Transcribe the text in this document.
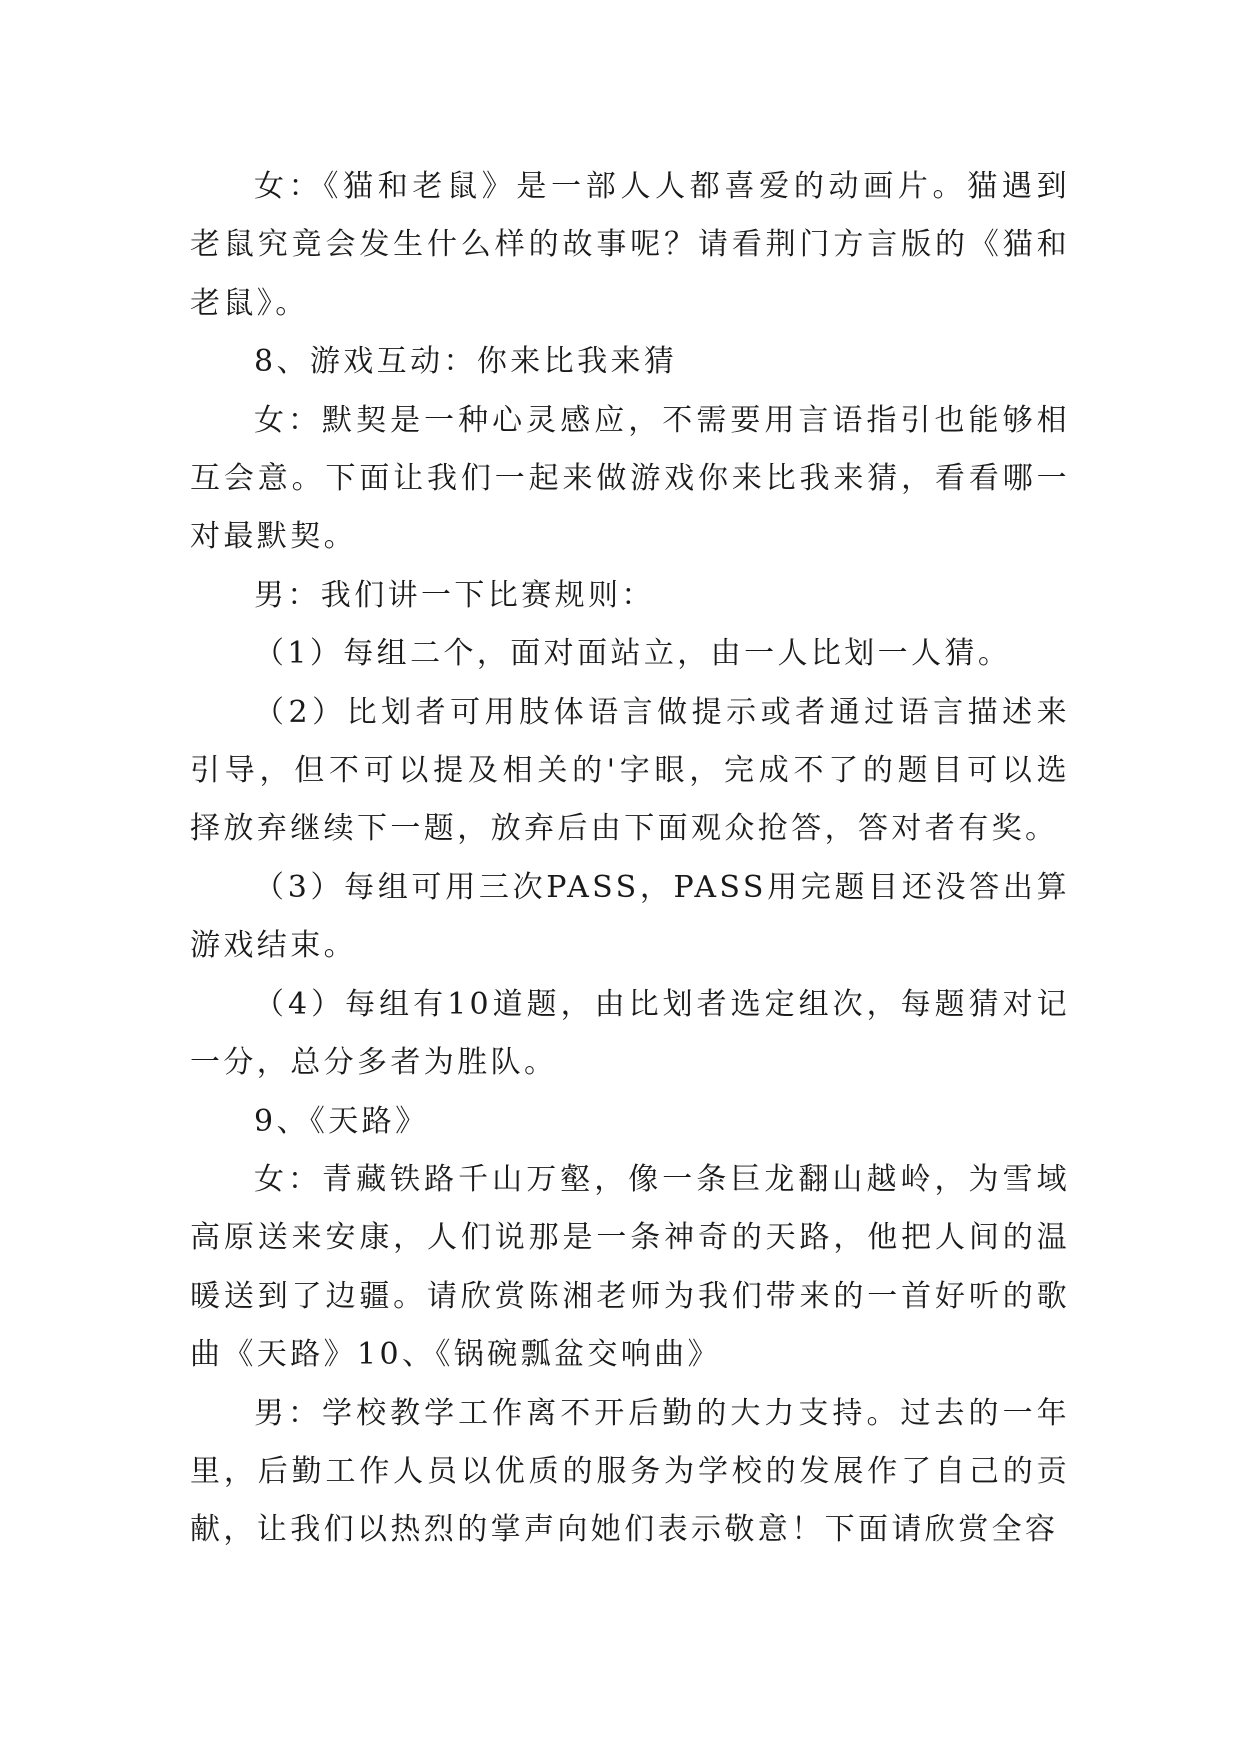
女：《猫和老鼠》是一部人人都喜爱的动画片。猫遇到老鼠究竟会发生什么样的故事呢？请看荆门方言版的《猫和老鼠》。

8、游戏互动：你来比我来猜

女：默契是一种心灵感应，不需要用言语指引也能够相互会意。下面让我们一起来做游戏你来比我来猜，看看哪一对最默契。

男：我们讲一下比赛规则：

（1）每组二个，面对面站立，由一人比划一人猜。

（2）比划者可用肢体语言做提示或者通过语言描述来引导，但不可以提及相关的'字眼，完成不了的题目可以选择放弃继续下一题，放弃后由下面观众抢答，答对者有奖。

（3）每组可用三次PASS，PASS用完题目还没答出算游戏结束。

（4）每组有10道题，由比划者选定组次，每题猜对记一分，总分多者为胜队。

9、《天路》

女：青藏铁路千山万壑，像一条巨龙翻山越岭，为雪域高原送来安康，人们说那是一条神奇的天路，他把人间的温暖送到了边疆。请欣赏陈湘老师为我们带来的一首好听的歌曲《天路》10、《锅碗瓢盆交响曲》

男：学校教学工作离不开后勤的大力支持。过去的一年里，后勤工作人员以优质的服务为学校的发展作了自己的贡献，让我们以热烈的掌声向她们表示敬意！下面请欣赏全容
